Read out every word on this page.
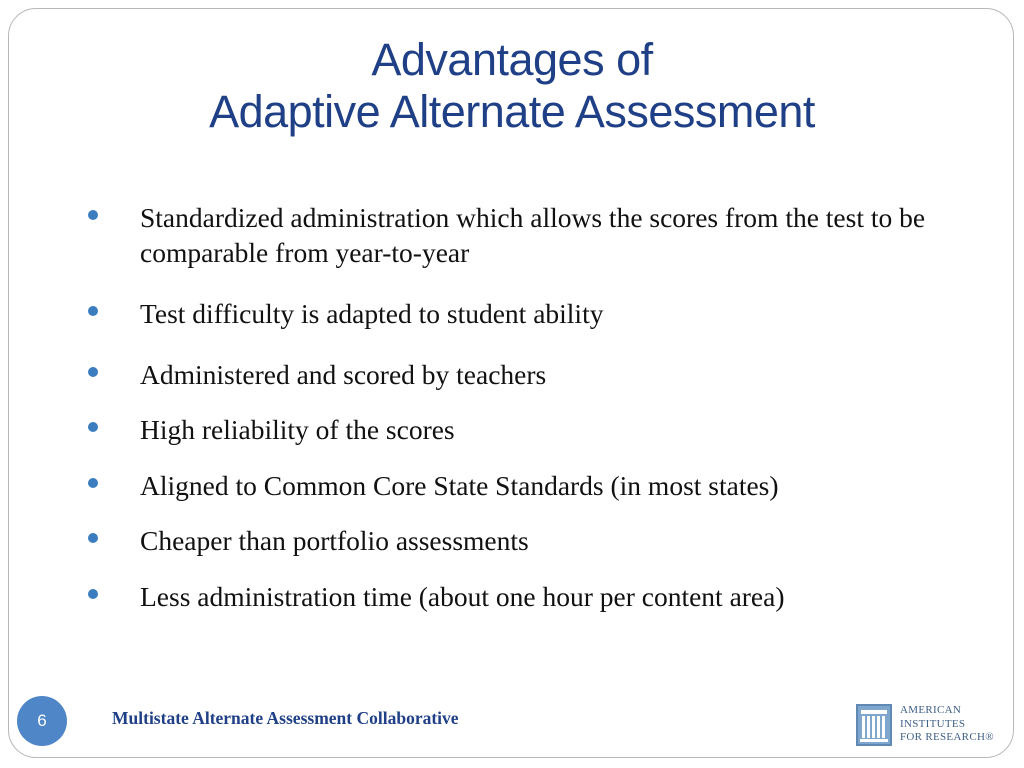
Advantages of
Adaptive Alternate Assessment
Standardized administration which allows the scores from the test to be comparable from year-to-year
Test difficulty is adapted to student ability
Administered and scored by teachers
High reliability of the scores
Aligned to Common Core State Standards (in most states)
Cheaper than portfolio assessments
Less administration time (about one hour per content area)
6	Multistate Alternate Assessment Collaborative	AMERICAN
INSTITUTES
FOR RESEARCH®
